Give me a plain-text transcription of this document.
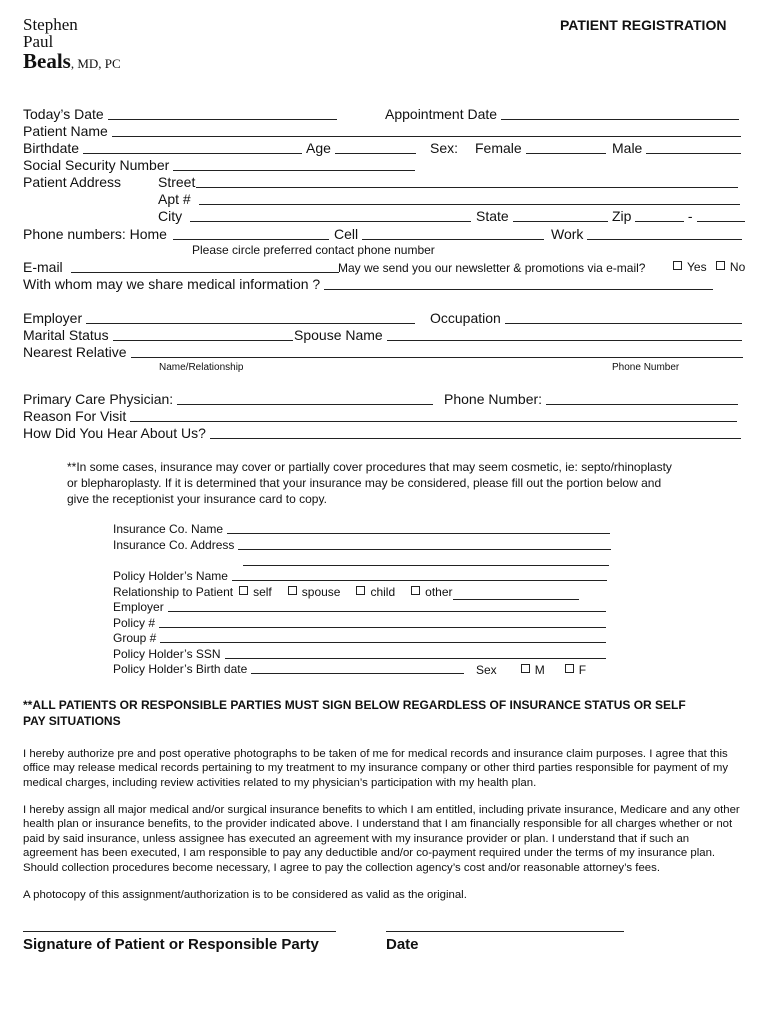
Stephen
Paul
Beals, MD, PC
PATIENT REGISTRATION
Today’s Date	Appointment Date
Patient Name
Birthdate	Age	Sex: Female	Male
Social Security Number
Patient Address	Street
Apt #
City	State	Zip	-
Phone numbers: Home	Cell	Work
Please circle preferred contact phone number
E-mail	May we send you our newsletter & promotions via e-mail?	Yes No
With whom may we share medical information ?
Employer	Occupation
Marital Status	Spouse Name
Nearest Relative
Name/Relationship	Phone Number
Primary Care Physician:	Phone Number:
Reason For Visit
How Did You Hear About Us?
**In some cases, insurance may cover or partially cover procedures that may seem cosmetic, ie: septo/rhinoplasty
or blepharoplasty. If it is determined that your insurance may be considered, please fill out the portion below and
give the receptionist your insurance card to copy.
Insurance Co. Name
Insurance Co. Address
Policy Holder’s Name
Relationship to Patient self	spouse	child	other
Employer
Policy #
Group #
Policy Holder’s SSN
Policy Holder’s Birth date	Sex	M	F
**ALL PATIENTS OR RESPONSIBLE PARTIES MUST SIGN BELOW REGARDLESS OF INSURANCE STATUS OR SELF
PAY SITUATIONS
I hereby authorize pre and post operative photographs to be taken of me for medical records and insurance claim purposes. I agree that this office may release medical records pertaining to my treatment to my insurance company or other third parties responsible for payment of my medical charges, including review activities related to my physician’s participation with my health plan.
I hereby assign all major medical and/or surgical insurance benefits to which I am entitled, including private insurance, Medicare and any other health plan or insurance benefits, to the provider indicated above. I understand that I am financially responsible for all charges whether or not paid by said insurance, unless assignee has executed an agreement with my insurance provider or plan. I understand that if such an agreement has been executed, I am responsible to pay any deductible and/or co-payment required under the terms of my insurance plan. Should collection procedures become necessary, I agree to pay the collection agency’s cost and/or reasonable attorney’s fees.
A photocopy of this assignment/authorization is to be considered as valid as the original.
Signature of Patient or Responsible Party	Date
